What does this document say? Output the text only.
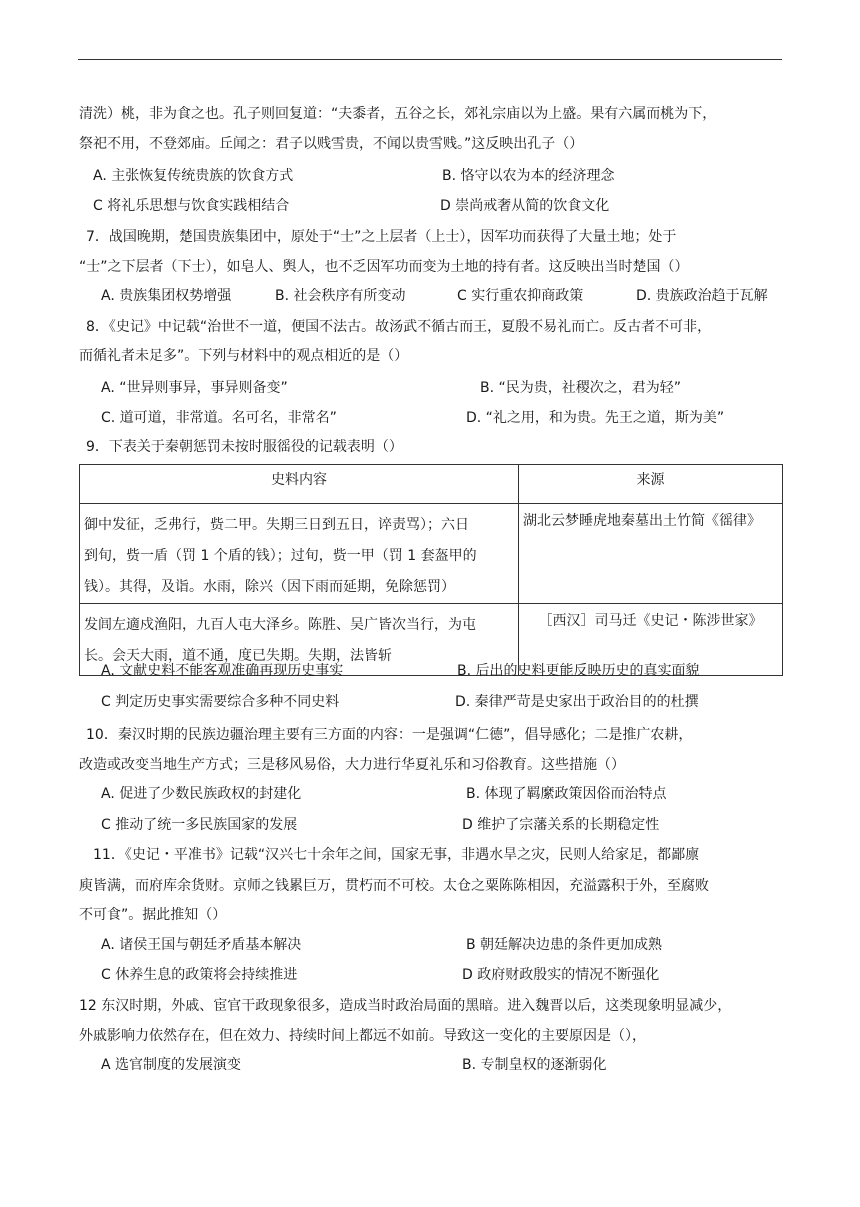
清洗）桃，非为食之也。孔子则回复道：“夫黍者，五谷之长，郊礼宗庙以为上盛。果有六属而桃为下，
祭祀不用，不登郊庙。丘闻之：君子以贱雪贵，不闻以贵雪贱。”这反映出孔子（）
A. 主张恢复传统贵族的饮食方式	B. 恪守以农为本的经济理念
C 将礼乐思想与饮食实践相结合	D 崇尚戒奢从简的饮食文化
7．战国晚期，楚国贵族集团中，原处于“士”之上层者（上士），因军功而获得了大量土地；处于
“士”之下层者（下士），如皂人、舆人，也不乏因军功而变为土地的持有者。这反映出当时楚国（）
A. 贵族集团权势增强	B. 社会秩序有所变动	C 实行重农抑商政策	D. 贵族政治趋于瓦解
8．《史记》中记载“治世不一道，便国不法古。故汤武不循古而王，夏殷不易礼而亡。反古者不可非，
而循礼者未足多”。下列与材料中的观点相近的是（）
A. “世异则事异，事异则备变”	B. “民为贵，社稷次之，君为轻”
C. 道可道，非常道。名可名，非常名”	D. “礼之用，和为贵。先王之道，斯为美”
9．下表关于秦朝惩罚未按时服徭役的记载表明（）
史料内容	来源

御中发征，乏弗行，赀二甲。失期三日到五日，谇责骂）；六日
到旬，赀一盾（罚 1 个盾的钱）；过旬，赀一甲（罚 1 套盔甲的
钱）。其得，及诣。水雨，除兴（因下雨而延期，免除惩罚）	湖北云梦睡虎地秦墓出土竹简《徭律》

发闾左適戍渔阳，九百人屯大泽乡。陈胜、吴广皆次当行，为屯
长。会天大雨，道不通，度已失期。失期，法皆斩	［西汉］司马迁《史记・陈涉世家》
A. 文献史料不能客观准确再现历史事实	B. 后出的史料更能反映历史的真实面貌
C 判定历史事实需要综合多种不同史料	D. 秦律严苛是史家出于政治目的的杜撰
10．秦汉时期的民族边疆治理主要有三方面的内容：一是强调“仁德”，倡导感化；二是推广农耕，
改造或改变当地生产方式；三是移风易俗，大力进行华夏礼乐和习俗教育。这些措施（）
A. 促进了少数民族政权的封建化	B. 体现了羁縻政策因俗而治特点
C 推动了统一多民族国家的发展	D 维护了宗藩关系的长期稳定性
11．《史记・平准书》记载“汉兴七十余年之间，国家无事，非遇水旱之灾，民则人给家足，都鄙廪
庾皆满，而府库余货财。京师之钱累巨万，贯朽而不可校。太仓之粟陈陈相因，充溢露积于外，至腐败
不可食”。据此推知（）
A. 诸侯王国与朝廷矛盾基本解决	B 朝廷解决边患的条件更加成熟
C 休养生息的政策将会持续推进	D 政府财政殷实的情况不断强化
12 东汉时期，外戚、宦官干政现象很多，造成当时政治局面的黑暗。进入魏晋以后，这类现象明显减少，
外戚影响力依然存在，但在效力、持续时间上都远不如前。导致这一变化的主要原因是（），
A 选官制度的发展演变	B. 专制皇权的逐渐弱化
